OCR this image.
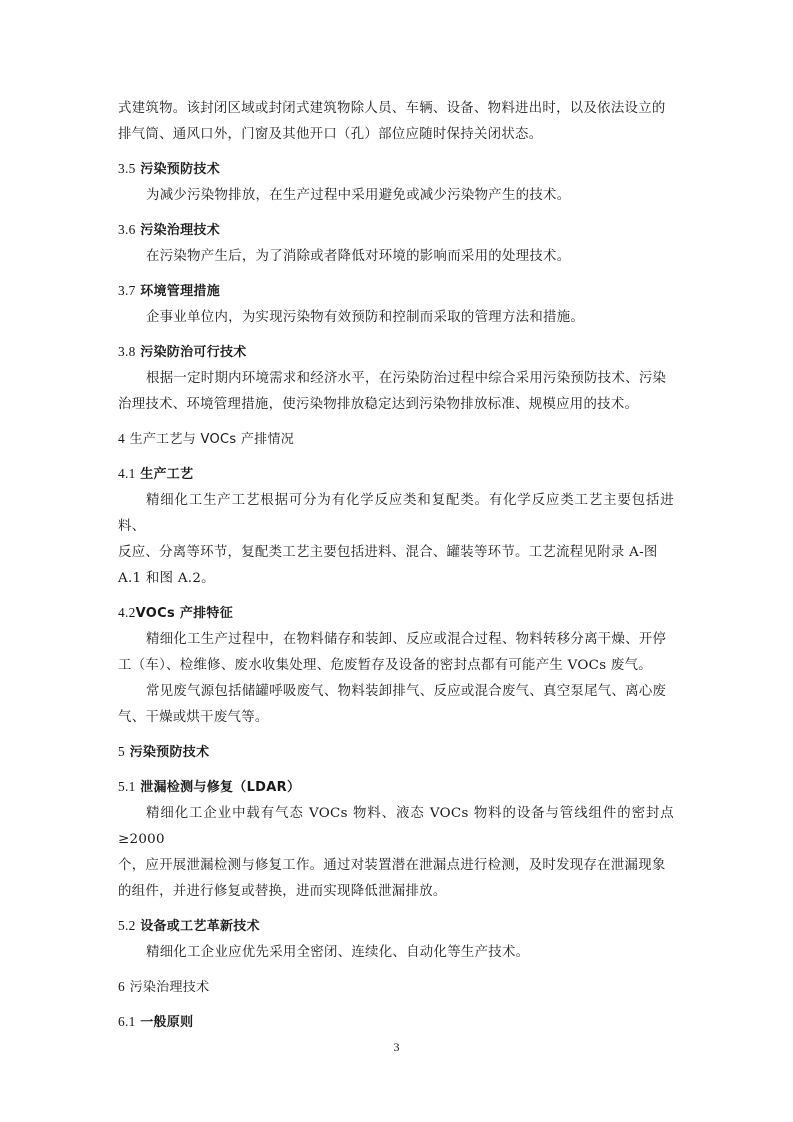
式建筑物。该封闭区域或封闭式建筑物除人员、车辆、设备、物料进出时，以及依法设立的

排气筒、通风口外，门窗及其他开口（孔）部位应随时保持关闭状态。

3.5 污染预防技术

为减少污染物排放，在生产过程中采用避免或减少污染物产生的技术。

3.6 污染治理技术

在污染物产生后，为了消除或者降低对环境的影响而采用的处理技术。

3.7 环境管理措施

企事业单位内，为实现污染物有效预防和控制而采取的管理方法和措施。

3.8 污染防治可行技术

根据一定时期内环境需求和经济水平，在污染防治过程中综合采用污染预防技术、污染

治理技术、环境管理措施，使污染物排放稳定达到污染物排放标准、规模应用的技术。

4 生产工艺与 VOCs 产排情况
4.1 生产工艺

精细化工生产工艺根据可分为有化学反应类和复配类。有化学反应类工艺主要包括进料、

反应、分离等环节，复配类工艺主要包括进料、混合、罐装等环节。工艺流程见附录 A-图

A.1 和图 A.2。

4.2VOCs 产排特征

精细化工生产过程中，在物料储存和装卸、反应或混合过程、物料转移分离干燥、开停

工（车）、检维修、废水收集处理、危废暂存及设备的密封点都有可能产生 VOCs 废气。

常见废气源包括储罐呼吸废气、物料装卸排气、反应或混合废气、真空泵尾气、离心废

气、干燥或烘干废气等。

5 污染预防技术
5.1 泄漏检测与修复（LDAR）

精细化工企业中载有气态 VOCs 物料、液态 VOCs 物料的设备与管线组件的密封点≥2000

个，应开展泄漏检测与修复工作。通过对装置潜在泄漏点进行检测，及时发现存在泄漏现象

的组件，并进行修复或替换，进而实现降低泄漏排放。

5.2 设备或工艺革新技术

精细化工企业应优先采用全密闭、连续化、自动化等生产技术。

6 污染治理技术
6.1 一般原则
3
